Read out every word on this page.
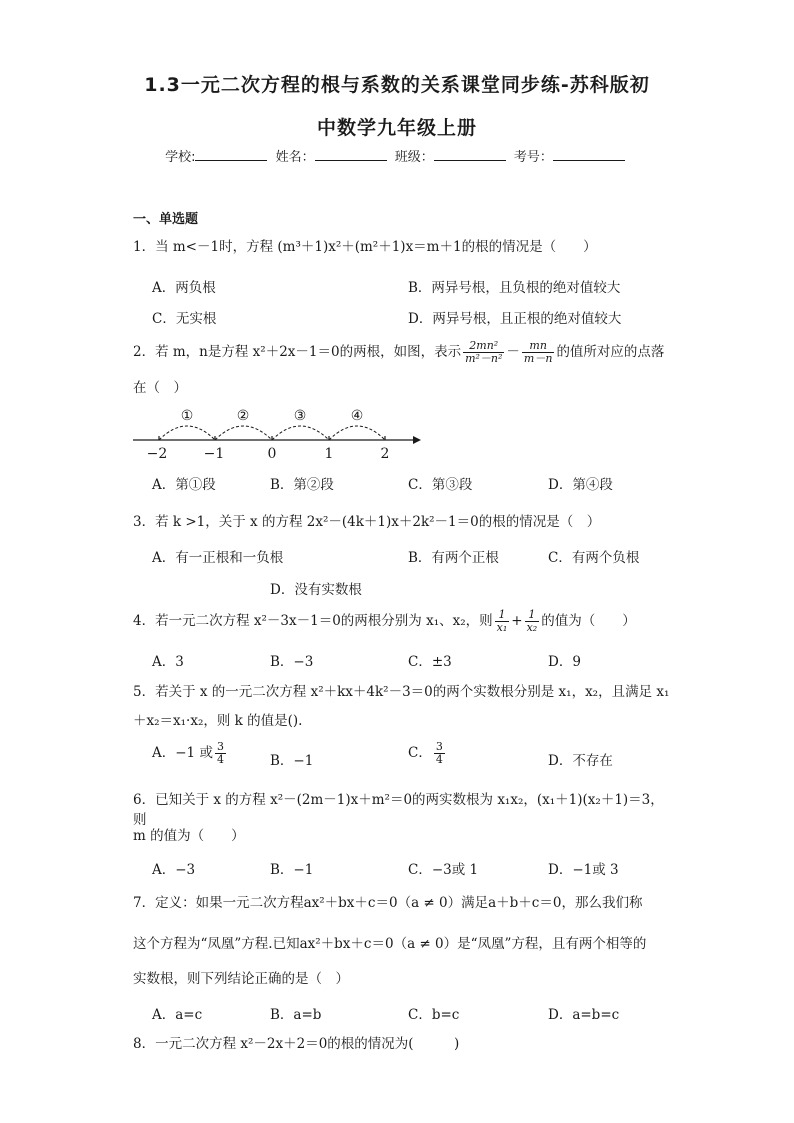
1.3一元二次方程的根与系数的关系课堂同步练-苏科版初
中数学九年级上册
学校:	姓名：	班级：	考号：
一、单选题
1．当 m<－1时，方程 (m³＋1)x²＋(m²＋1)x＝m＋1的根的情况是（　　）
A．两负根	B．两异号根，且负根的绝对值较大
C．无实根	D．两异号根，且正根的绝对值较大
2．若 m，n是方程 x²＋2x－1＝0的两根，如图，表示 $\frac{\text{2mn²}}{\text{m²－n²}} - \frac{mn}{m-n}$ 的值所对应的点落
在（　）
①	②	③	④
−2	−1	0	1	2
A．第①段	B．第②段	C．第③段	D．第④段
3．若 k >1，关于 x 的方程 2x²－(4k＋1)x＋2k²－1＝0的根的情况是（　）
A．有一正根和一负根	B．有两个正根	C．有两个负根
D．没有实数根
4．若一元二次方程 x²－3x－1＝0的两根分别为 x₁、x₂，则 $\frac{1}{\text{x₁}} + \frac{1}{\text{x₂}}$ 的值为（　　）
A．3	B．−3	C．±3	D．9
5．若关于 x 的一元二次方程 x²＋kx＋4k²－3＝0的两个实数根分别是 x₁，x₂，且满足 x₁
＋x₂＝x₁·x₂，则 k 的值是().
A．−1 或 $\frac{3}{4}$	B．−1	C． $\frac{3}{4}$	D．不存在
6．已知关于 x 的方程 x²－(2m－1)x＋m²＝0的两实数根为 x₁x₂，(x₁＋1)(x₂＋1)＝3，则
m 的值为（　　）
A．−3	B．−1	C．−3或 1	D．−1或 3
7．定义：如果一元二次方程ax²＋bx＋c＝0（a ≠ 0）满足a＋b＋c＝0，那么我们称
这个方程为“凤凰”方程.已知ax²＋bx＋c＝0（a ≠ 0）是“凤凰”方程，且有两个相等的
实数根，则下列结论正确的是（　）
A．a=c	B．a=b	C．b=c	D．a=b=c
8．一元二次方程 x²－2x＋2＝0的根的情况为(　　　)
